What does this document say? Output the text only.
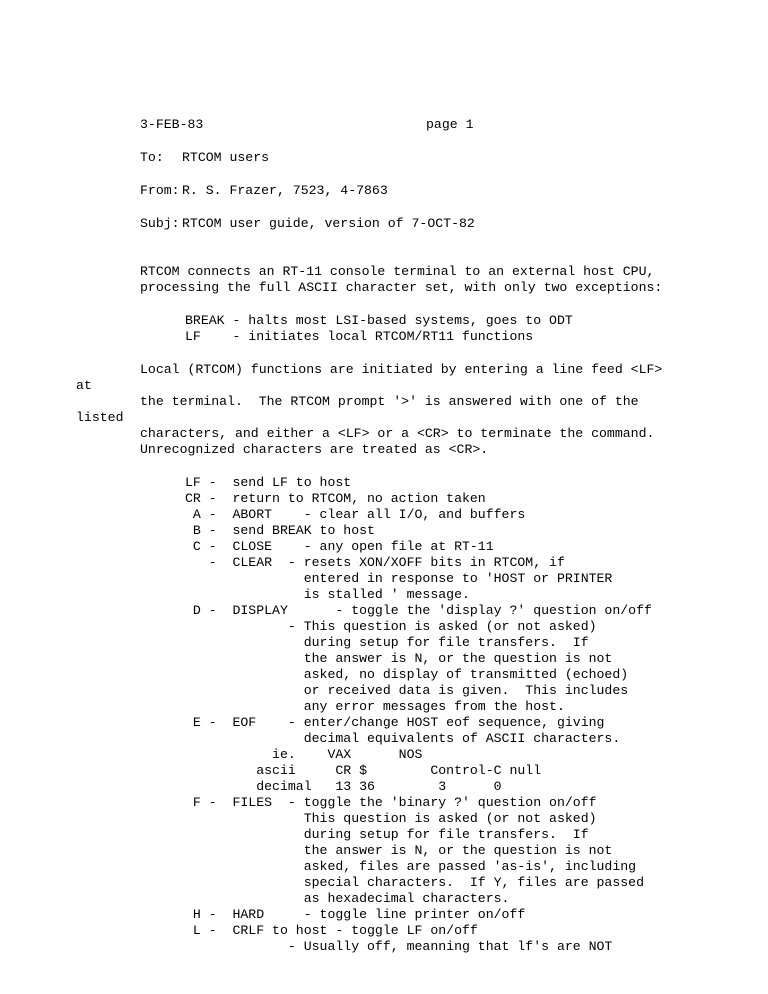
3-FEB-83	page 1
To: RTCOM users
From: R. S. Frazer, 7523, 4-7863
Subj: RTCOM user guide, version of 7-OCT-82
RTCOM connects an RT-11 console terminal to an external host CPU,
processing the full ASCII character set, with only two exceptions:
BREAK - halts most LSI-based systems, goes to ODT
LF    - initiates local RTCOM/RT11 functions
Local (RTCOM) functions are initiated by entering a line feed <LF>
at
the terminal.  The RTCOM prompt '>' is answered with one of the
listed
characters, and either a <LF> or a <CR> to terminate the command.
Unrecognized characters are treated as <CR>.
LF -  send LF to host
CR -  return to RTCOM, no action taken
A -  ABORT    - clear all I/O, and buffers
B -  send BREAK to host
C -  CLOSE    - any open file at RT-11
-  CLEAR  - resets XON/XOFF bits in RTCOM, if
entered in response to 'HOST or PRINTER
is stalled ' message.
D -  DISPLAY      - toggle the 'display ?' question on/off
- This question is asked (or not asked)
during setup for file transfers.  If
the answer is N, or the question is not
asked, no display of transmitted (echoed)
or received data is given.  This includes
any error messages from the host.
E -  EOF    - enter/change HOST eof sequence, giving
decimal equivalents of ASCII characters.
ie.    VAX      NOS
ascii     CR $        Control-C null
decimal   13 36        3      0
F -  FILES  - toggle the 'binary ?' question on/off
This question is asked (or not asked)
during setup for file transfers.  If
the answer is N, or the question is not
asked, files are passed 'as-is', including
special characters.  If Y, files are passed
as hexadecimal characters.
H -  HARD     - toggle line printer on/off
L -  CRLF to host - toggle LF on/off
- Usually off, meanning that lf's are NOT
